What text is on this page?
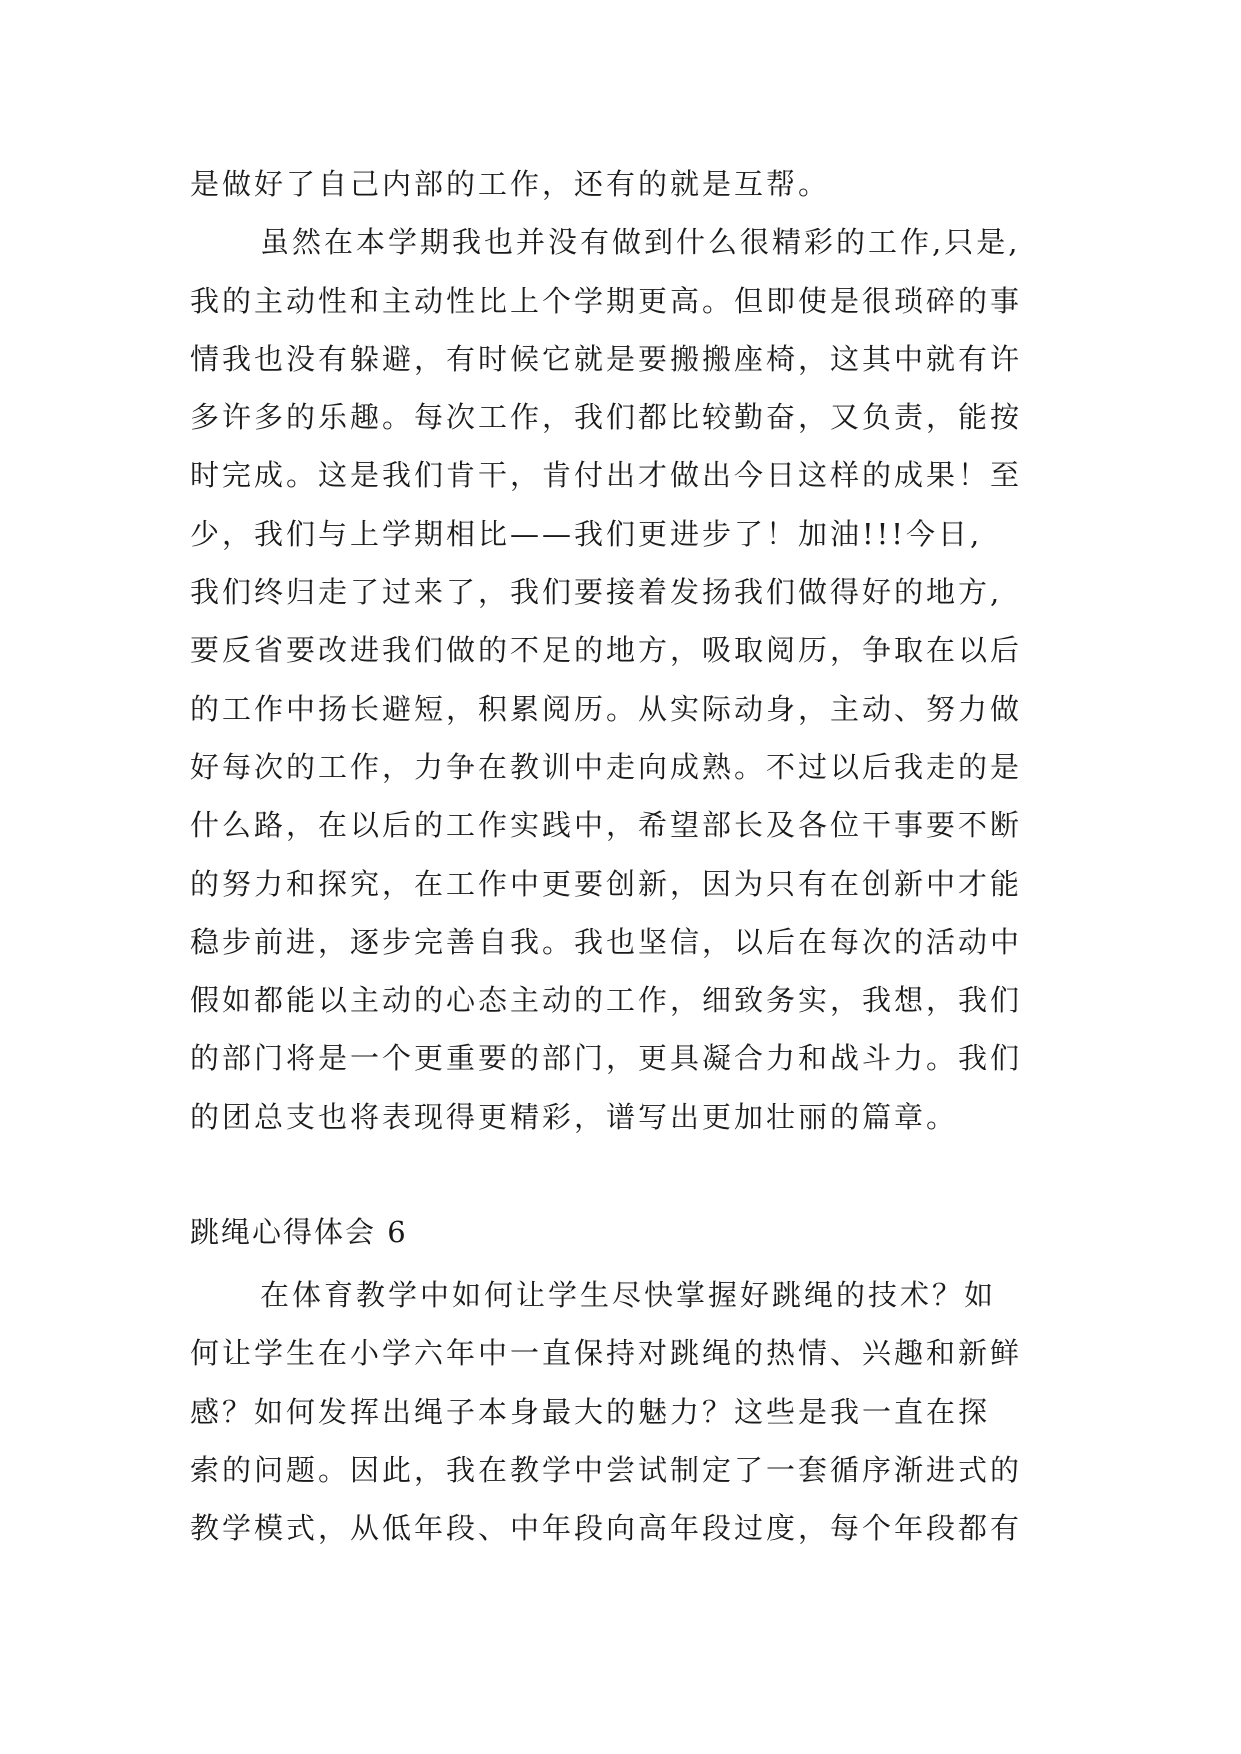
是做好了自己内部的工作，还有的就是互帮。
虽然在本学期我也并没有做到什么很精彩的工作,只是,
我的主动性和主动性比上个学期更高。但即使是很琐碎的事
情我也没有躲避，有时候它就是要搬搬座椅，这其中就有许
多许多的乐趣。每次工作，我们都比较勤奋，又负责，能按
时完成。这是我们肯干，肯付出才做出今日这样的成果！至
少，我们与上学期相比——我们更进步了！加油!!!今日,
我们终归走了过来了，我们要接着发扬我们做得好的地方,
要反省要改进我们做的不足的地方，吸取阅历，争取在以后
的工作中扬长避短，积累阅历。从实际动身，主动、努力做
好每次的工作，力争在教训中走向成熟。不过以后我走的是
什么路，在以后的工作实践中，希望部长及各位干事要不断
的努力和探究，在工作中更要创新，因为只有在创新中才能
稳步前进，逐步完善自我。我也坚信，以后在每次的活动中
假如都能以主动的心态主动的工作，细致务实，我想，我们
的部门将是一个更重要的部门，更具凝合力和战斗力。我们
的团总支也将表现得更精彩，谱写出更加壮丽的篇章。
跳绳心得体会 6
在体育教学中如何让学生尽快掌握好跳绳的技术？如
何让学生在小学六年中一直保持对跳绳的热情、兴趣和新鲜
感？如何发挥出绳子本身最大的魅力？这些是我一直在探
索的问题。因此，我在教学中尝试制定了一套循序渐进式的
教学模式，从低年段、中年段向高年段过度，每个年段都有
